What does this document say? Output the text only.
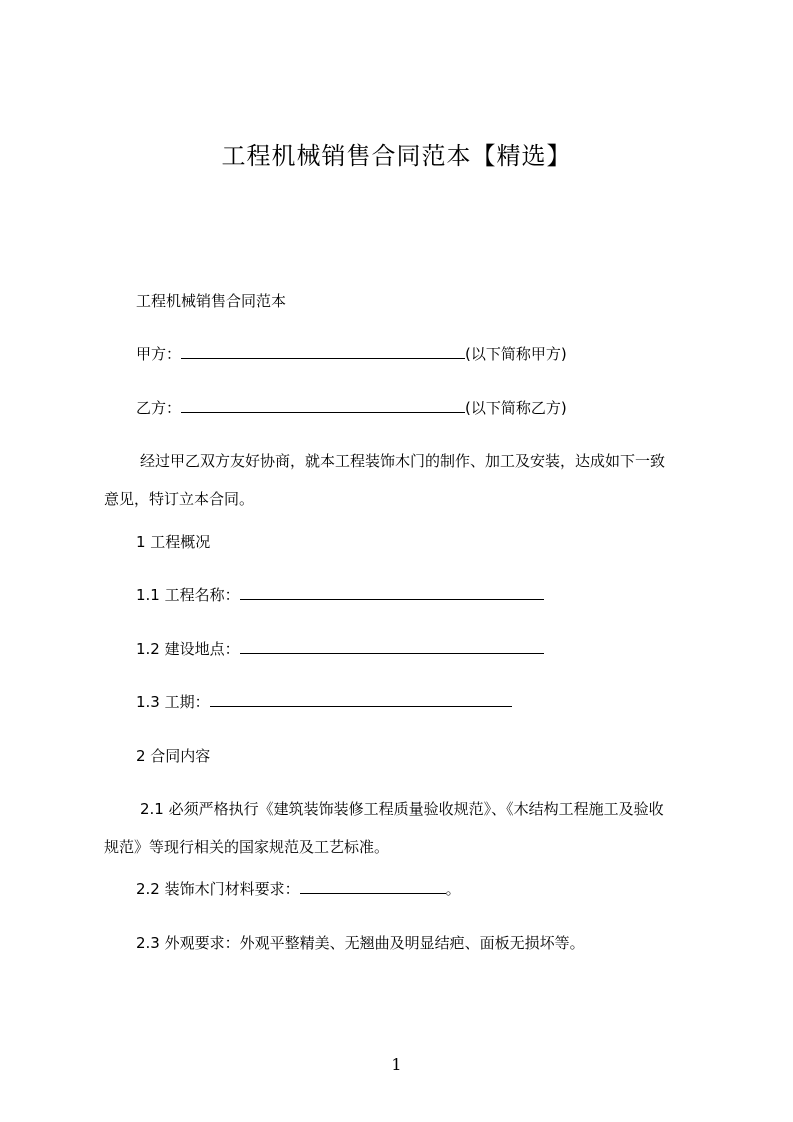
工程机械销售合同范本【精选】
工程机械销售合同范本
甲方：	(以下简称甲方)
乙方：	(以下简称乙方)
经过甲乙双方友好协商，就本工程装饰木门的制作、加工及安装，达成如下一致
意见，特订立本合同。
1 工程概况
1.1 工程名称：
1.2 建设地点：
1.3 工期：
2 合同内容
2.1 必须严格执行《建筑装饰装修工程质量验收规范》、《木结构工程施工及验收
规范》等现行相关的国家规范及工艺标准。
2.2 装饰木门材料要求：	。
2.3 外观要求：外观平整精美、无翘曲及明显结疤、面板无损坏等。
1
